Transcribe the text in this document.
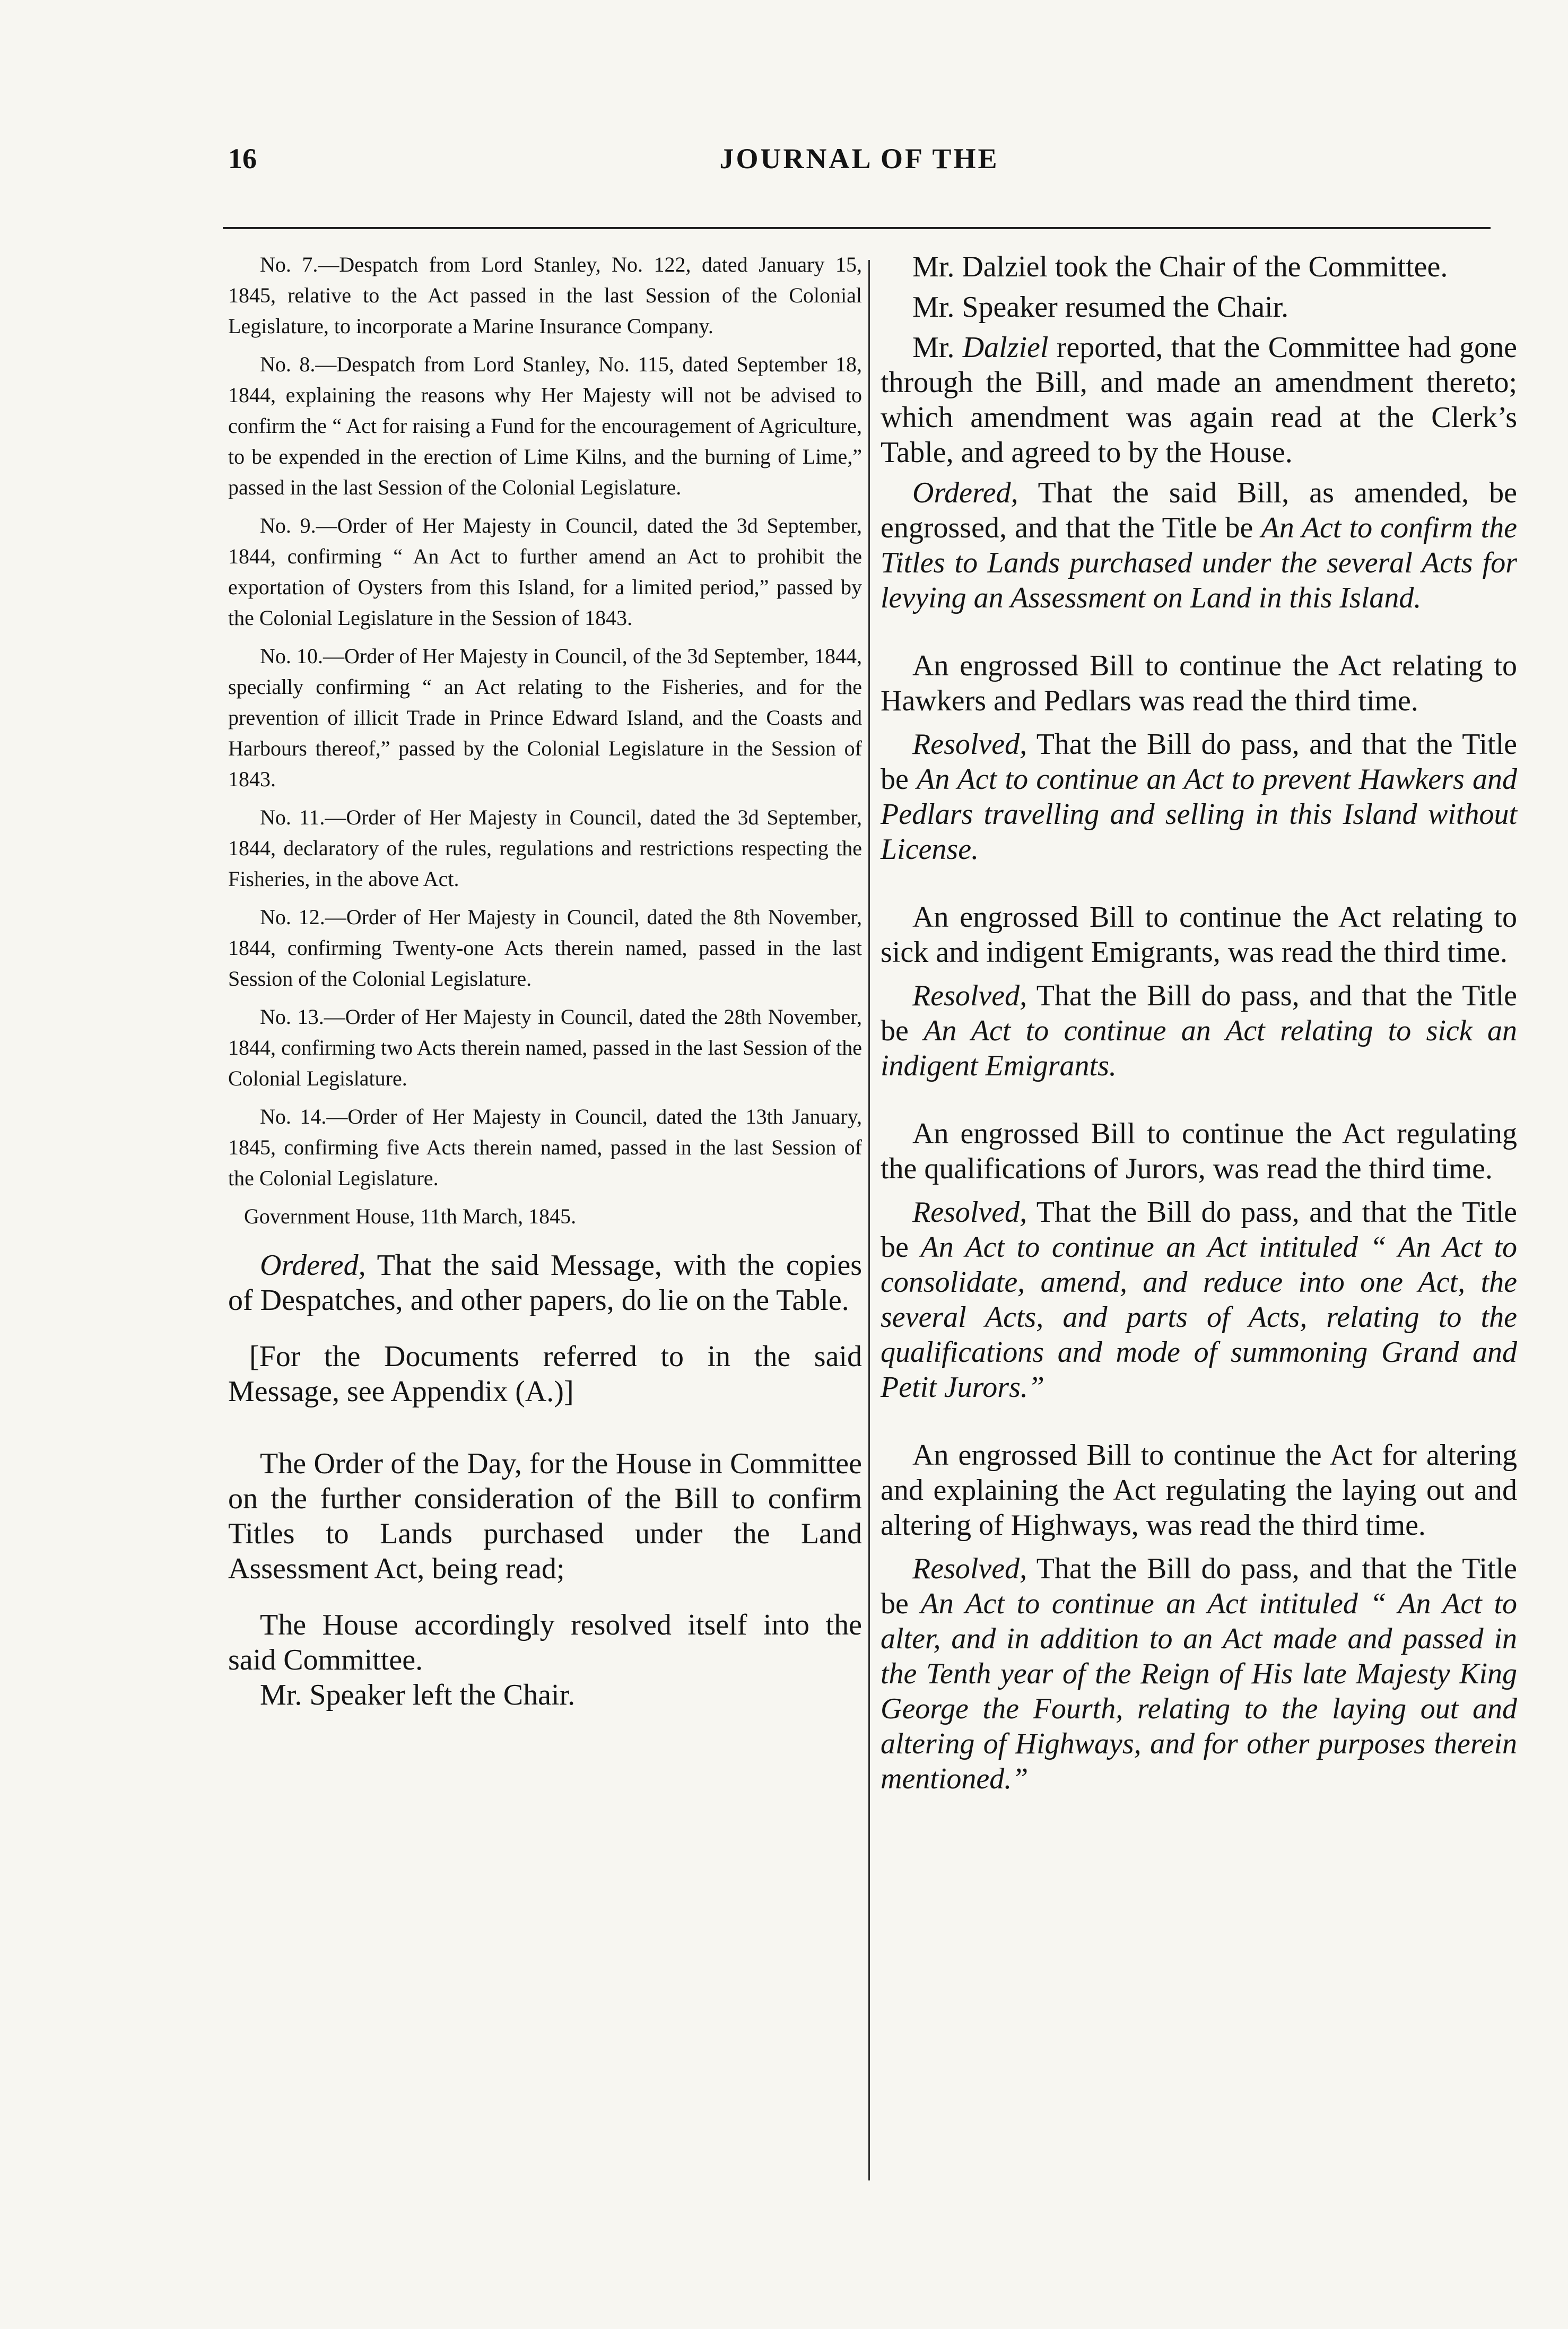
16	JOURNAL OF THE

No. 7.—Despatch from Lord Stanley, No. 122, dated January 15, 1845, relative to the Act passed in the last Session of the Colonial Legislature, to incorporate a Marine Insurance Company.

No. 8.—Despatch from Lord Stanley, No. 115, dated September 18, 1844, explaining the reasons why Her Majesty will not be advised to confirm the “ Act for raising a Fund for the encouragement of Agriculture, to be expended in the erection of Lime Kilns, and the burning of Lime,” passed in the last Session of the Colonial Legislature.

No. 9.—Order of Her Majesty in Council, dated the 3d September, 1844, confirming “ An Act to further amend an Act to prohibit the exportation of Oysters from this Island, for a limited period,” passed by the Colonial Legislature in the Session of 1843.

No. 10.—Order of Her Majesty in Council, of the 3d September, 1844, specially confirming “ an Act relating to the Fisheries, and for the prevention of illicit Trade in Prince Edward Island, and the Coasts and Harbours thereof,” passed by the Colonial Legislature in the Session of 1843.

No. 11.—Order of Her Majesty in Council, dated the 3d September, 1844, declaratory of the rules, regulations and restrictions respecting the Fisheries, in the above Act.

No. 12.—Order of Her Majesty in Council, dated the 8th November, 1844, confirming Twenty-one Acts therein named, passed in the last Session of the Colonial Legislature.

No. 13.—Order of Her Majesty in Council, dated the 28th November, 1844, confirming two Acts therein named, passed in the last Session of the Colonial Legislature.

No. 14.—Order of Her Majesty in Council, dated the 13th January, 1845, confirming five Acts therein named, passed in the last Session of the Colonial Legislature.

Government House, 11th March, 1845.

Ordered, That the said Message, with the copies of Despatches, and other papers, do lie on the Table.

[For the Documents referred to in the said Message, see Appendix (A.)]

The Order of the Day, for the House in Committee on the further consideration of the Bill to confirm Titles to Lands purchased under the Land Assessment Act, being read;

The House accordingly resolved itself into the said Committee.

Mr. Speaker left the Chair.

Mr. Dalziel took the Chair of the Committee.

Mr. Speaker resumed the Chair.

Mr. Dalziel reported, that the Committee had gone through the Bill, and made an amendment thereto; which amendment was again read at the Clerk’s Table, and agreed to by the House.

Ordered, That the said Bill, as amended, be engrossed, and that the Title be An Act to confirm the Titles to Lands purchased under the several Acts for levying an Assessment on Land in this Island.

An engrossed Bill to continue the Act relating to Hawkers and Pedlars was read the third time.

Resolved, That the Bill do pass, and that the Title be An Act to continue an Act to prevent Hawkers and Pedlars travelling and selling in this Island without License.

An engrossed Bill to continue the Act relating to sick and indigent Emigrants, was read the third time.

Resolved, That the Bill do pass, and that the Title be An Act to continue an Act relating to sick an indigent Emigrants.

An engrossed Bill to continue the Act regulating the qualifications of Jurors, was read the third time.

Resolved, That the Bill do pass, and that the Title be An Act to continue an Act intituled “ An Act to consolidate, amend, and reduce into one Act, the several Acts, and parts of Acts, relating to the qualifications and mode of summoning Grand and Petit Jurors.”

An engrossed Bill to continue the Act for altering and explaining the Act regulating the laying out and altering of Highways, was read the third time.

Resolved, That the Bill do pass, and that the Title be An Act to continue an Act intituled “ An Act to alter, and in addition to an Act made and passed in the Tenth year of the Reign of His late Majesty King George the Fourth, relating to the laying out and altering of Highways, and for other purposes therein mentioned.”
